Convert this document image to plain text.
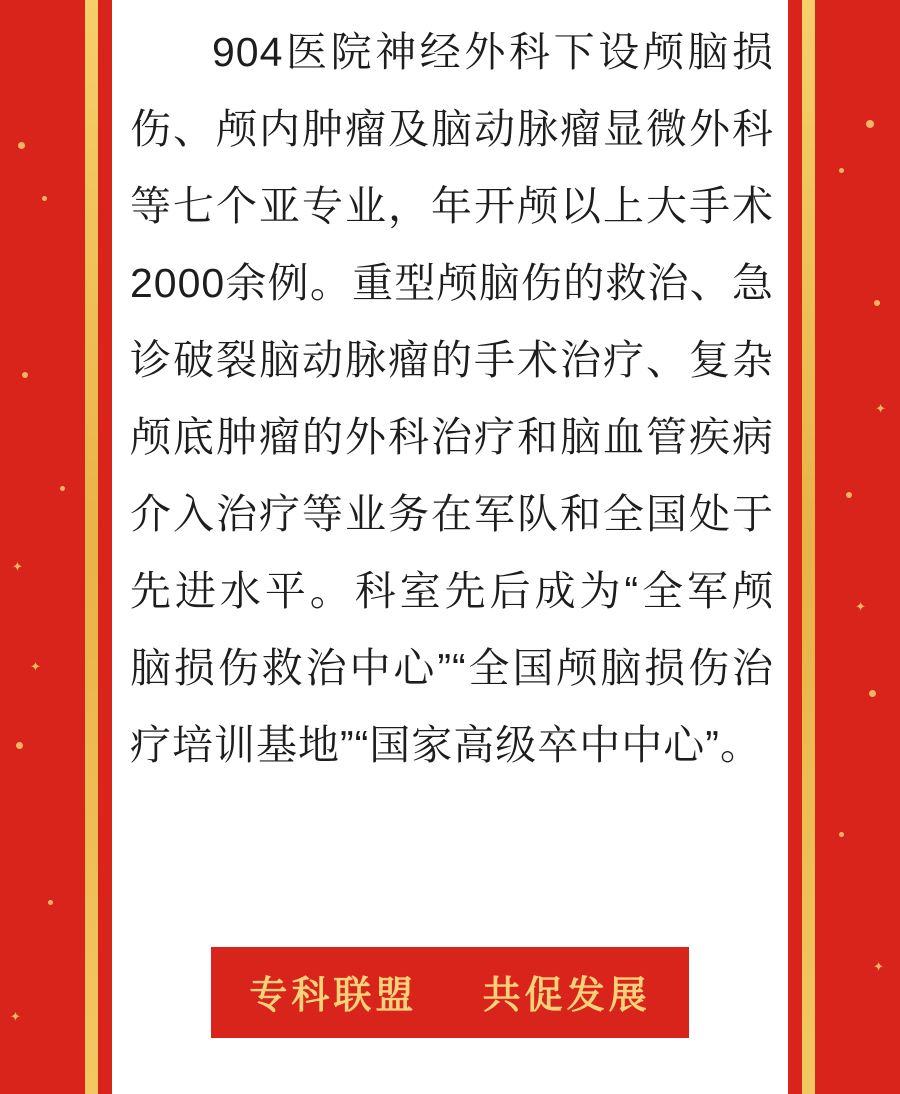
✦
✦
✦
✦
✦
✦

904医院神经外科下设颅脑损伤、颅内肿瘤及脑动脉瘤显微外科等七个亚专业，年开颅以上大手术2000余例。重型颅脑伤的救治、急诊破裂脑动脉瘤的手术治疗、复杂颅底肿瘤的外科治疗和脑血管疾病介入治疗等业务在军队和全国处于先进水平。科室先后成为“全军颅脑损伤救治中心”“全国颅脑损伤治疗培训基地”“国家高级卒中中心”。

专科联盟 共促发展
